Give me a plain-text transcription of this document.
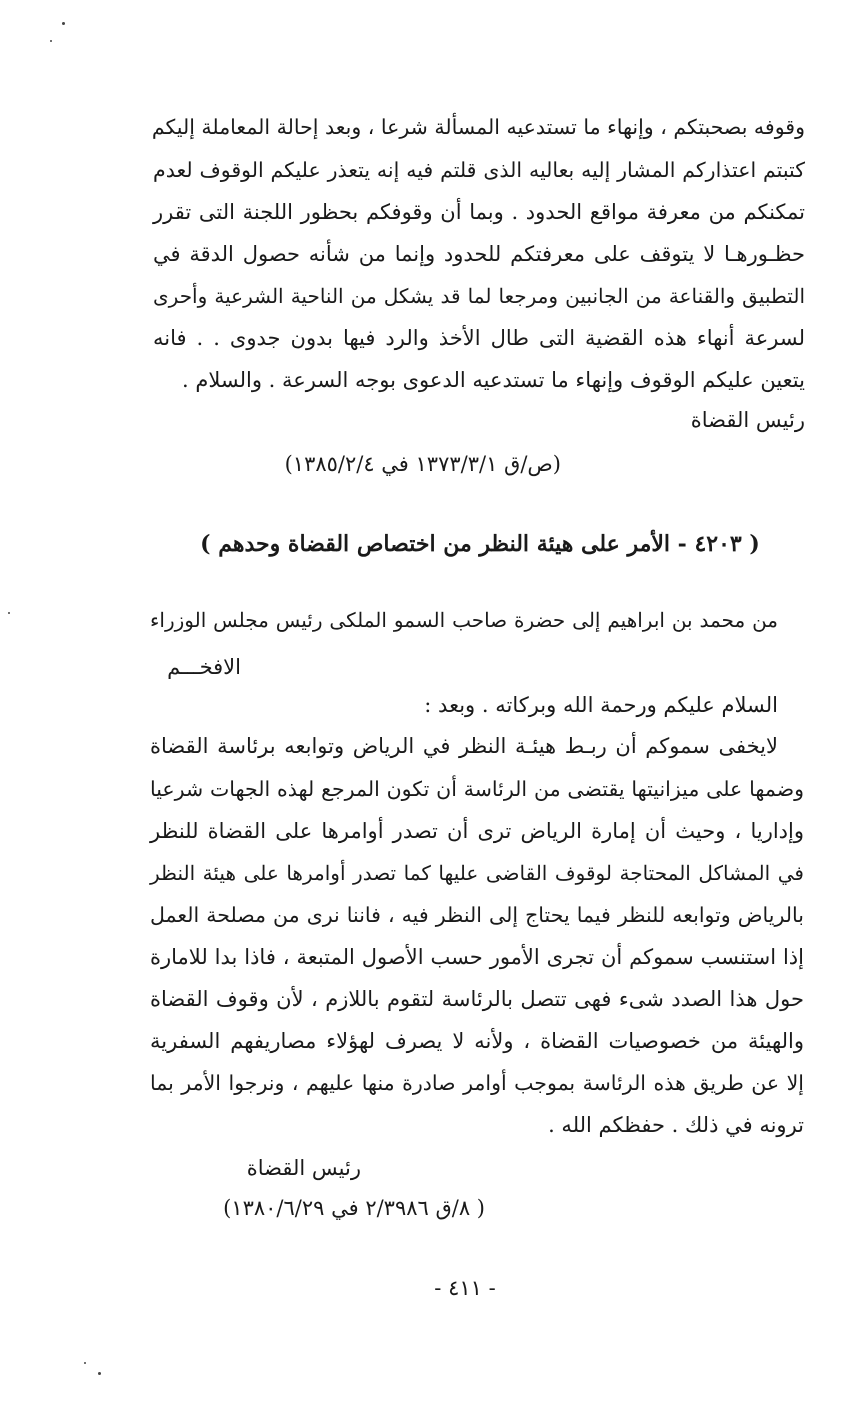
وقوفه بصحبتكم ، وإنهاء ما تستدعيه المسألة شرعا ، وبعد إحالة المعاملة إليكم
كتبتم اعتذاركم المشار إليه بعاليه الذى قلتم فيه إنه يتعذر عليكم الوقوف لعدم
تمكنكم من معرفة مواقع الحدود . وبما أن وقوفكم بحظور اللجنة التى تقرر
حظـورهـا لا يتوقف على معرفتكم للحدود وإنما من شأنه حصول الدقة في
التطبيق والقناعة من الجانبين ومرجعا لما قد يشكل من الناحية الشرعية وأحرى
لسرعة أنهاء هذه القضية التى طال الأخذ والرد فيها بدون جدوى . . فانه
يتعين عليكم الوقوف وإنهاء ما تستدعيه الدعوى بوجه السرعة . والسلام .
رئيس القضاة
(ص/ق ١٣٧٣/٣/١ في ١٣٨٥/٢/٤)
( ٤٢٠٣ - الأمر على هيئة النظر من اختصاص القضاة وحدهم )
من محمد بن ابراهيم إلى حضرة صاحب السمو الملكى رئيس مجلس الوزراء
الافخـــم
السلام عليكم ورحمة الله وبركاته . وبعد :
لايخفى سموكم أن ربـط هيئـة النظر في الرياض وتوابعه برئاسة القضاة
وضمها على ميزانيتها يقتضى من الرئاسة أن تكون المرجع لهذه الجهات شرعيا
وإداريا ، وحيث أن إمارة الرياض ترى أن تصدر أوامرها على القضاة للنظر
في المشاكل المحتاجة لوقوف القاضى عليها كما تصدر أوامرها على هيئة النظر
بالرياض وتوابعه للنظر فيما يحتاج إلى النظر فيه ، فاننا نرى من مصلحة العمل
إذا استنسب سموكم أن تجرى الأمور حسب الأصول المتبعة ، فاذا بدا للامارة
حول هذا الصدد شىء فهى تتصل بالرئاسة لتقوم باللازم ، لأن وقوف القضاة
والهيئة من خصوصيات القضاة ، ولأنه لا يصرف لهؤلاء مصاريفهم السفرية
إلا عن طريق هذه الرئاسة بموجب أوامر صادرة منها عليهم ، ونرجوا الأمر بما
ترونه في ذلك . حفظكم الله .
رئيس القضاة
( ٨/ق ٢/٣٩٨٦ في ١٣٨٠/٦/٢٩)
- ٤١١ -
